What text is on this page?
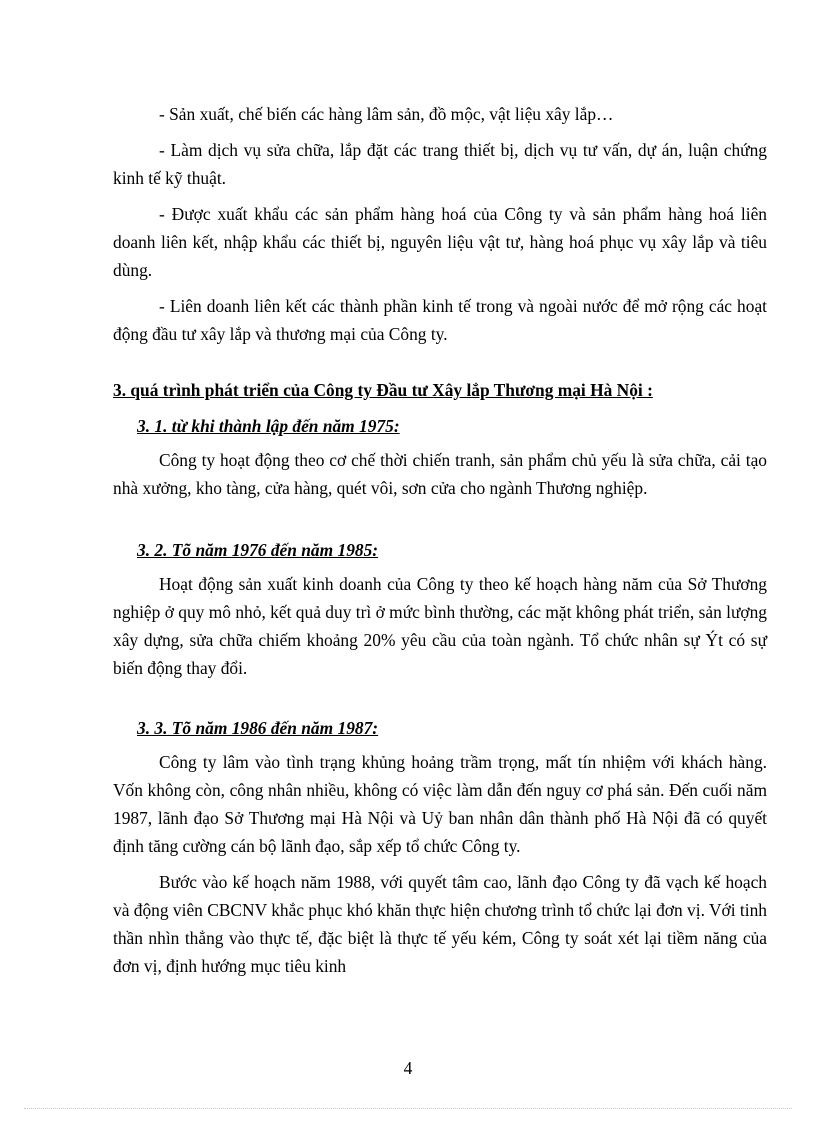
- Sản xuất, chế biến các hàng lâm sản, đồ mộc, vật liệu xây lắp…

- Làm dịch vụ sửa chữa, lắp đặt các trang thiết bị, dịch vụ tư vấn, dự án, luận chứng kinh tế kỹ thuật.

- Được xuất khẩu các sản phẩm hàng hoá của Công ty và sản phẩm hàng hoá liên doanh liên kết, nhập khẩu các thiết bị, nguyên liệu vật tư, hàng hoá phục vụ xây lắp và tiêu dùng.

- Liên doanh liên kết các thành phần kinh tế trong và ngoài nước để mở rộng các hoạt động đầu tư xây lắp và thương mại của Công ty.

3. quá trình phát triển của Công ty Đầu tư Xây lắp Thương mại Hà Nội :
3. 1. từ khi thành lập đến năm 1975:

Công ty hoạt động theo cơ chế thời chiến tranh, sản phẩm chủ yếu là sửa chữa, cải tạo nhà xưởng, kho tàng, cửa hàng, quét vôi, sơn cửa cho ngành Thương nghiệp.

3. 2. Tõ năm 1976 đến năm 1985:

Hoạt động sản xuất kinh doanh của Công ty theo kế hoạch hàng năm của Sở Thương nghiệp ở quy mô nhỏ, kết quả duy trì ở mức bình thường, các mặt không phát triển, sản lượng xây dựng, sửa chữa chiếm khoảng 20% yêu cầu của toàn ngành. Tổ chức nhân sự Ýt có sự biến động thay đổi.

3. 3. Tõ năm 1986 đến năm 1987:

Công ty lâm vào tình trạng khủng hoảng trầm trọng, mất tín nhiệm với khách hàng. Vốn không còn, công nhân nhiều, không có việc làm dẫn đến nguy cơ phá sản. Đến cuối năm 1987, lãnh đạo Sở Thương mại Hà Nội và Uỷ ban nhân dân thành phố Hà Nội đã có quyết định tăng cường cán bộ lãnh đạo, sắp xếp tổ chức Công ty.

Bước vào kế hoạch năm 1988, với quyết tâm cao, lãnh đạo Công ty đã vạch kế hoạch và động viên CBCNV khắc phục khó khăn thực hiện chương trình tổ chức lại đơn vị. Với tinh thần nhìn thẳng vào thực tế, đặc biệt là thực tế yếu kém, Công ty soát xét lại tiềm năng của đơn vị, định hướng mục tiêu kinh

4
